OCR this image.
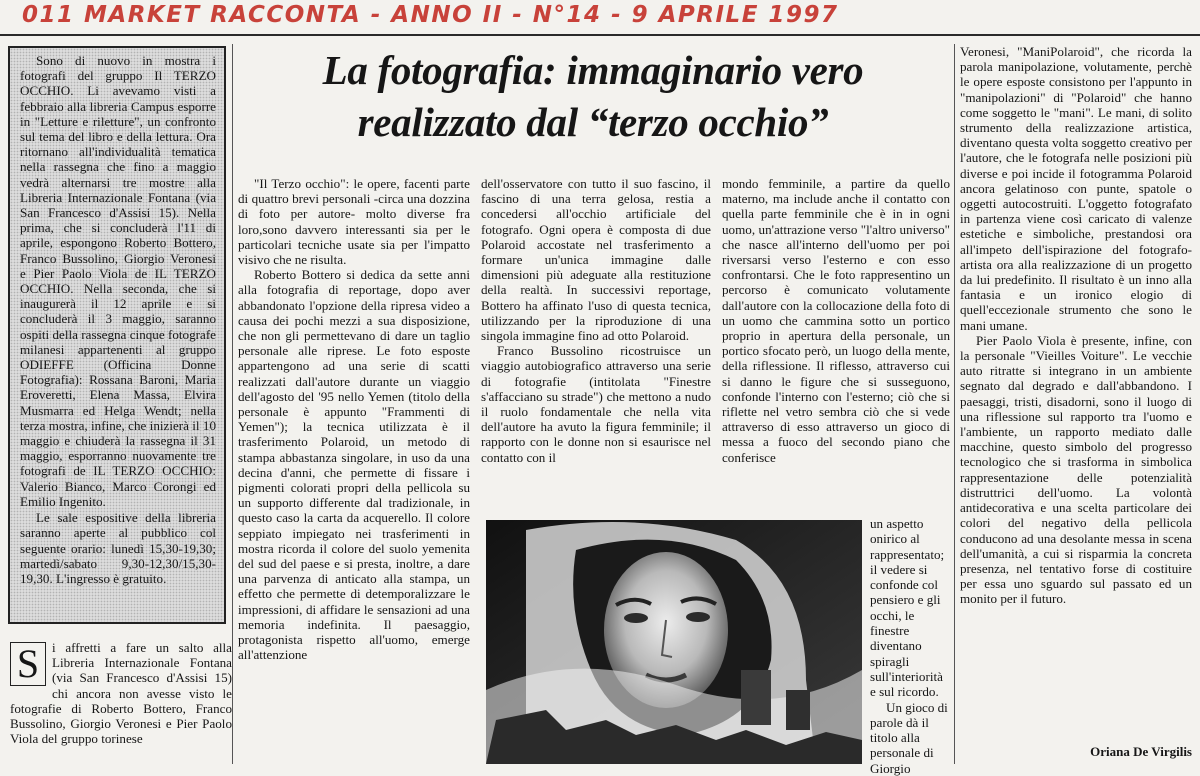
011 MARKET RACCONTA - ANNO II - N°14 - 9 APRILE 1997

Sono di nuovo in mostra i fotografi del gruppo Il TERZO OCCHIO. Li avevamo visti a febbraio alla libreria Campus esporre in "Letture e riletture", un confronto sul tema del libro e della lettura. Ora ritornano all'individualità tematica nella rassegna che fino a maggio vedrà alternarsi tre mostre alla Libreria Internazionale Fontana (via San Francesco d'Assisi 15). Nella prima, che si concluderà l'11 di aprile, espongono Roberto Bottero, Franco Bussolino, Giorgio Veronesi e Pier Paolo Viola de IL TERZO OCCHIO. Nella seconda, che si inaugurerà il 12 aprile e si concluderà il 3 maggio, saranno ospiti della rassegna cinque fotografe milanesi appartenenti al gruppo ODIEFFE (Officina Donne Fotografia): Rossana Baroni, Maria Eroveretti, Elena Massa, Elvira Musmarra ed Helga Wendt; nella terza mostra, infine, che inizierà il 10 maggio e chiuderà la rassegna il 31 maggio, esporranno nuovamente tre fotografi de IL TERZO OCCHIO: Valerio Bianco, Marco Corongi ed Emilio Ingenito.

Le sale espositive della libreria saranno aperte al pubblico col seguente orario: lunedì 15,30-19,30; martedì/sabato 9,30-12,30/15,30-19,30. L'ingresso è gratuito.

S i affretti a fare un salto alla Libreria Internazionale Fontana (via San Francesco d'Assisi 15) chi ancora non avesse visto le fotografie di Roberto Bottero, Franco Bussolino, Giorgio Veronesi e Pier Paolo Viola del gruppo torinese
La fotografia: immaginario vero
realizzato dal “terzo occhio”

"Il Terzo occhio": le opere, facenti parte di quattro brevi personali -circa una dozzina di foto per autore- molto diverse fra loro,sono davvero interessanti sia per le particolari tecniche usate sia per l'impatto visivo che ne risulta.

Roberto Bottero si dedica da sette anni alla fotografia di reportage, dopo aver abbandonato l'opzione della ripresa video a causa dei pochi mezzi a sua disposizione, che non gli permettevano di dare un taglio personale alle riprese. Le foto esposte appartengono ad una serie di scatti realizzati dall'autore durante un viaggio dell'agosto del '95 nello Yemen (titolo della personale è appunto "Frammenti di Yemen"); la tecnica utilizzata è il trasferimento Polaroid, un metodo di stampa abbastanza singolare, in uso da una decina d'anni, che permette di fissare i pigmenti colorati propri della pellicola su un supporto differente dal tradizionale, in questo caso la carta da acquerello. Il colore seppiato impiegato nei trasferimenti in mostra ricorda il colore del suolo yemenita del sud del paese e si presta, inoltre, a dare una parvenza di anticato alla stampa, un effetto che permette di detemporalizzare le impressioni, di affidare le sensazioni ad una memoria indefinita. Il paesaggio, protagonista rispetto all'uomo, emerge all'attenzione

dell'osservatore con tutto il suo fascino, il fascino di una terra gelosa, restia a concedersi all'occhio artificiale del fotografo. Ogni opera è composta di due Polaroid accostate nel trasferimento a formare un'unica immagine dalle dimensioni più adeguate alla restituzione della realtà. In successivi reportage, Bottero ha affinato l'uso di questa tecnica, utilizzando per la riproduzione di una singola immagine fino ad otto Polaroid.

Franco Bussolino ricostruisce un viaggio autobiografico attraverso una serie di fotografie (intitolata "Finestre s'affacciano su strade") che mettono a nudo il ruolo fondamentale che nella vita dell'autore ha avuto la figura femminile; il rapporto con le donne non si esaurisce nel contatto con il

mondo femminile, a partire da quello materno, ma include anche il contatto con quella parte femminile che è in in ogni uomo, un'attrazione verso "l'altro universo" che nasce all'interno dell'uomo per poi riversarsi verso l'esterno e con esso confrontarsi. Che le foto rappresentino un percorso è comunicato volutamente dall'autore con la collocazione della foto di un uomo che cammina sotto un portico proprio in apertura della personale, un portico sfocato però, un luogo della mente, della riflessione. Il riflesso, attraverso cui si danno le figure che si susseguono, confonde l'interno con l'esterno; ciò che si riflette nel vetro sembra ciò che si vede attraverso di esso attraverso un gioco di messa a fuoco del secondo piano che conferisce

un aspetto onirico al rappresentato; il vedere si confonde col pensiero e gli occhi, le finestre diventano spiragli sull'interiorità e sul ricordo.

Un gioco di parole dà il titolo alla personale di Giorgio

Veronesi, "ManiPolaroid", che ricorda la parola manipolazione, volutamente, perchè le opere esposte consistono per l'appunto in "manipolazioni" di "Polaroid" che hanno come soggetto le "mani". Le mani, di solito strumento della realizzazione artistica, diventano questa volta soggetto creativo per l'autore, che le fotografa nelle posizioni più diverse e poi incide il fotogramma Polaroid ancora gelatinoso con punte, spatole o oggetti autocostruiti. L'oggetto fotografato in partenza viene così caricato di valenze estetiche e simboliche, prestandosi ora all'impeto dell'ispirazione del fotografo-artista ora alla realizzazione di un progetto da lui predefinito. Il risultato è un inno alla fantasia e un ironico elogio di quell'eccezionale strumento che sono le mani umane.

Pier Paolo Viola è presente, infine, con la personale "Vieilles Voiture". Le vecchie auto ritratte si integrano in un ambiente segnato dal degrado e dall'abbandono. I paesaggi, tristi, disadorni, sono il luogo di una riflessione sul rapporto tra l'uomo e l'ambiente, un rapporto mediato dalle macchine, questo simbolo del progresso tecnologico che si trasforma in simbolica rappresentazione delle potenzialità distruttrici dell'uomo. La volontà antidecorativa e una scelta particolare dei colori del negativo della pellicola conducono ad una desolante messa in scena dell'umanità, a cui si risparmia la concreta presenza, nel tentativo forse di costituire per essa uno sguardo sul passato ed un monito per il futuro.

Oriana De Virgilis
